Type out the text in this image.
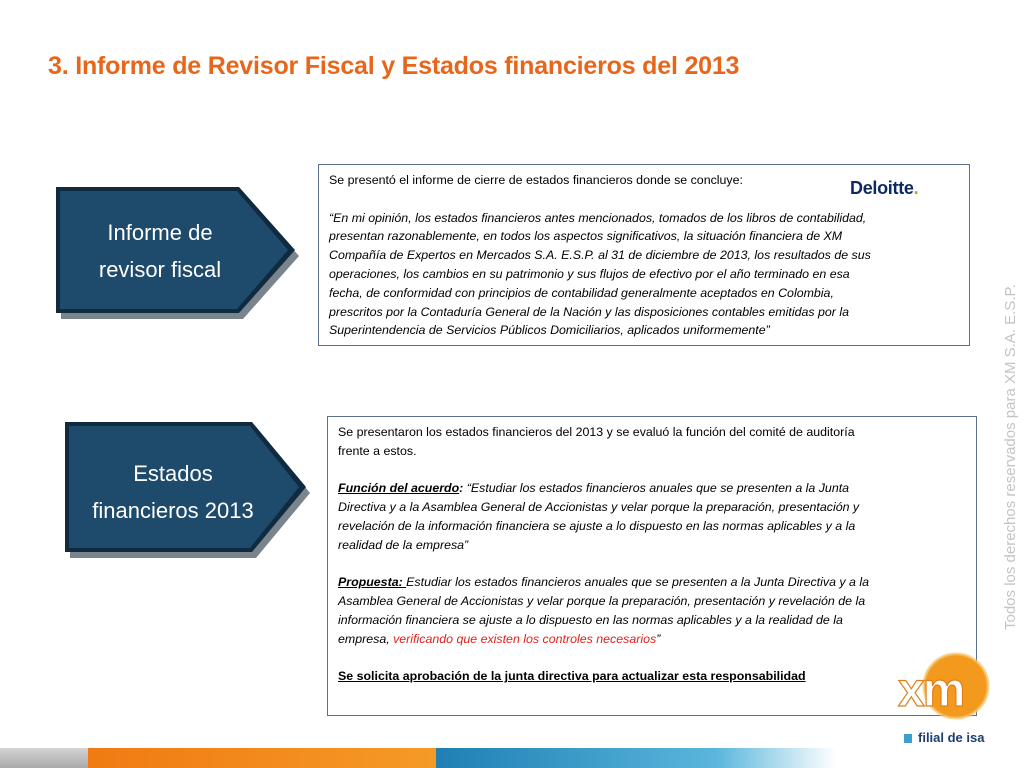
3. Informe de Revisor Fiscal y Estados financieros del 2013
Informe de
revisor fiscal
Estados
financieros 2013

Se presentó el informe de cierre de estados financieros donde se concluye:

“En mi opinión, los estados financieros antes mencionados, tomados de los libros de contabilidad,

presentan razonablemente, en todos los aspectos significativos, la situación financiera de XM

Compañía de Expertos en Mercados S.A. E.S.P. al 31 de diciembre de 2013, los resultados de sus

operaciones, los cambios en su patrimonio y sus flujos de efectivo por el año terminado en esa

fecha, de conformidad con principios de contabilidad generalmente aceptados en Colombia,

prescritos por la Contaduría General de la Nación y las disposiciones contables emitidas por la

Superintendencia de Servicios Públicos Domiciliarios, aplicados uniformemente”

Deloitte.

Se presentaron los estados financieros del 2013 y se evaluó la función del comité de auditoría

frente a estos.

Función del acuerdo: “Estudiar los estados financieros anuales que se presenten a la Junta

Directiva y a la Asamblea General de Accionistas y velar porque la preparación, presentación y

revelación de la información financiera se ajuste a lo dispuesto en las normas aplicables y a la

realidad de la empresa”

Propuesta: Estudiar los estados financieros anuales que se presenten a la Junta Directiva y a la

Asamblea General de Accionistas y velar porque la preparación, presentación y revelación de la

información financiera se ajuste a lo dispuesto en las normas aplicables y a la realidad de la

empresa, verificando que existen los controles necesarios”

Se solicita aprobación de la junta directiva para actualizar esta responsabilidad

Todos los derechos reservados para XM S.A. E.S.P.
xm
filial de isa
